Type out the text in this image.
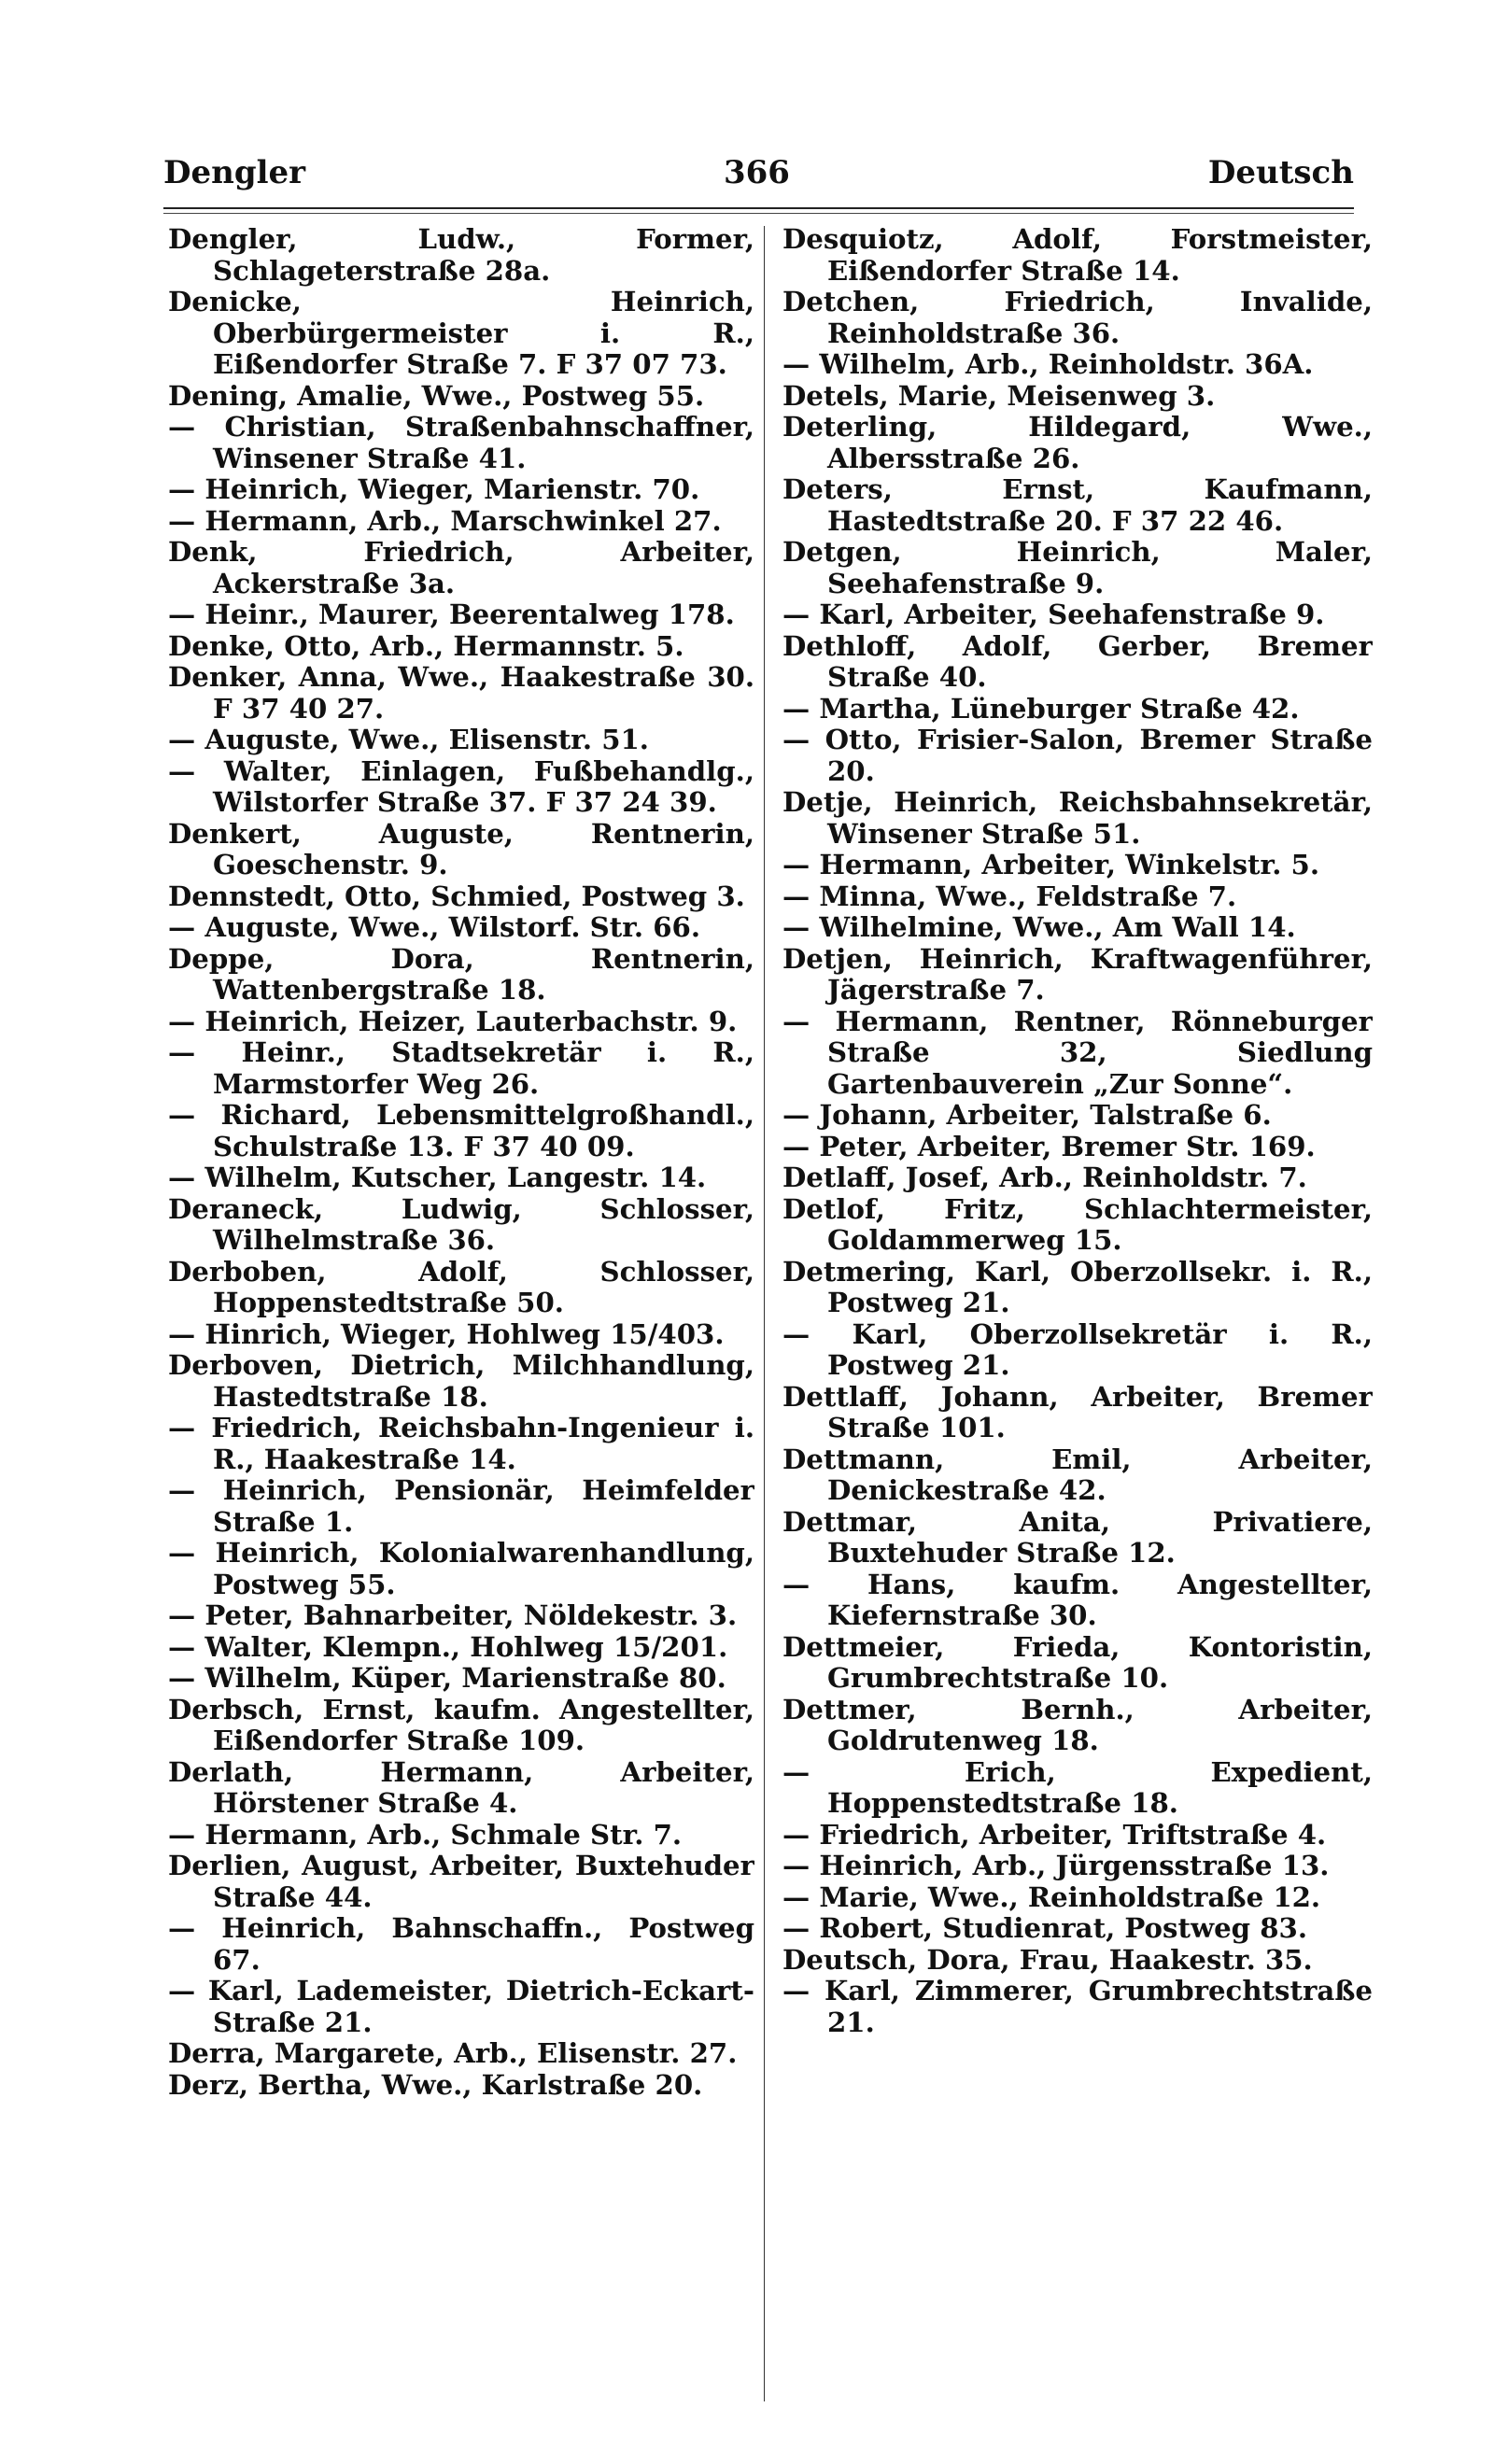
Dengler	366	Deutsch

Dengler, Ludw., Former, Schlageterstraße 28a.

Denicke, Heinrich, Oberbürgermeister i. R., Eißendorfer Straße 7. F 37 07 73.

Dening, Amalie, Wwe., Postweg 55.

— Christian, Straßenbahnschaffner, Winsener Straße 41.

— Heinrich, Wieger, Marienstr. 70.

— Hermann, Arb., Marschwinkel 27.

Denk, Friedrich, Arbeiter, Ackerstraße 3a.

— Heinr., Maurer, Beerentalweg 178.

Denke, Otto, Arb., Hermannstr. 5.

Denker, Anna, Wwe., Haakestraße 30. F 37 40 27.

— Auguste, Wwe., Elisenstr. 51.

— Walter, Einlagen, Fußbehandlg., Wilstorfer Straße 37. F 37 24 39.

Denkert, Auguste, Rentnerin, Goeschenstr. 9.

Dennstedt, Otto, Schmied, Postweg 3.

— Auguste, Wwe., Wilstorf. Str. 66.

Deppe, Dora, Rentnerin, Wattenbergstraße 18.

— Heinrich, Heizer, Lauterbachstr. 9.

— Heinr., Stadtsekretär i. R., Marmstorfer Weg 26.

— Richard, Lebensmittelgroßhandl., Schulstraße 13. F 37 40 09.

— Wilhelm, Kutscher, Langestr. 14.

Deraneck, Ludwig, Schlosser, Wilhelmstraße 36.

Derboben, Adolf, Schlosser, Hoppenstedtstraße 50.

— Hinrich, Wieger, Hohlweg 15/403.

Derboven, Dietrich, Milchhandlung, Hastedtstraße 18.

— Friedrich, Reichsbahn-Ingenieur i. R., Haakestraße 14.

— Heinrich, Pensionär, Heimfelder Straße 1.

— Heinrich, Kolonialwarenhandlung, Postweg 55.

— Peter, Bahnarbeiter, Nöldekestr. 3.

— Walter, Klempn., Hohlweg 15/201.

— Wilhelm, Küper, Marienstraße 80.

Derbsch, Ernst, kaufm. Angestellter, Eißendorfer Straße 109.

Derlath, Hermann, Arbeiter, Hörstener Straße 4.

— Hermann, Arb., Schmale Str. 7.

Derlien, August, Arbeiter, Buxtehuder Straße 44.

— Heinrich, Bahnschaffn., Postweg 67.

— Karl, Lademeister, Dietrich-Eckart-Straße 21.

Derra, Margarete, Arb., Elisenstr. 27.

Derz, Bertha, Wwe., Karlstraße 20.

Desquiotz, Adolf, Forstmeister, Eißendorfer Straße 14.

Detchen, Friedrich, Invalide, Reinholdstraße 36.

— Wilhelm, Arb., Reinholdstr. 36A.

Detels, Marie, Meisenweg 3.

Deterling, Hildegard, Wwe., Albersstraße 26.

Deters, Ernst, Kaufmann, Hastedtstraße 20. F 37 22 46.

Detgen, Heinrich, Maler, Seehafenstraße 9.

— Karl, Arbeiter, Seehafenstraße 9.

Dethloff, Adolf, Gerber, Bremer Straße 40.

— Martha, Lüneburger Straße 42.

— Otto, Frisier-Salon, Bremer Straße 20.

Detje, Heinrich, Reichsbahnsekretär, Winsener Straße 51.

— Hermann, Arbeiter, Winkelstr. 5.

— Minna, Wwe., Feldstraße 7.

— Wilhelmine, Wwe., Am Wall 14.

Detjen, Heinrich, Kraftwagenführer, Jägerstraße 7.

— Hermann, Rentner, Rönneburger Straße 32, Siedlung Gartenbauverein „Zur Sonne“.

— Johann, Arbeiter, Talstraße 6.

— Peter, Arbeiter, Bremer Str. 169.

Detlaff, Josef, Arb., Reinholdstr. 7.

Detlof, Fritz, Schlachtermeister, Goldammerweg 15.

Detmering, Karl, Oberzollsekr. i. R., Postweg 21.

— Karl, Oberzollsekretär i. R., Postweg 21.

Dettlaff, Johann, Arbeiter, Bremer Straße 101.

Dettmann, Emil, Arbeiter, Denickestraße 42.

Dettmar, Anita, Privatiere, Buxtehuder Straße 12.

— Hans, kaufm. Angestellter, Kiefernstraße 30.

Dettmeier, Frieda, Kontoristin, Grumbrechtstraße 10.

Dettmer, Bernh., Arbeiter, Goldrutenweg 18.

— Erich, Expedient, Hoppenstedtstraße 18.

— Friedrich, Arbeiter, Triftstraße 4.

— Heinrich, Arb., Jürgensstraße 13.

— Marie, Wwe., Reinholdstraße 12.

— Robert, Studienrat, Postweg 83.

Deutsch, Dora, Frau, Haakestr. 35.

— Karl, Zimmerer, Grumbrechtstraße 21.
